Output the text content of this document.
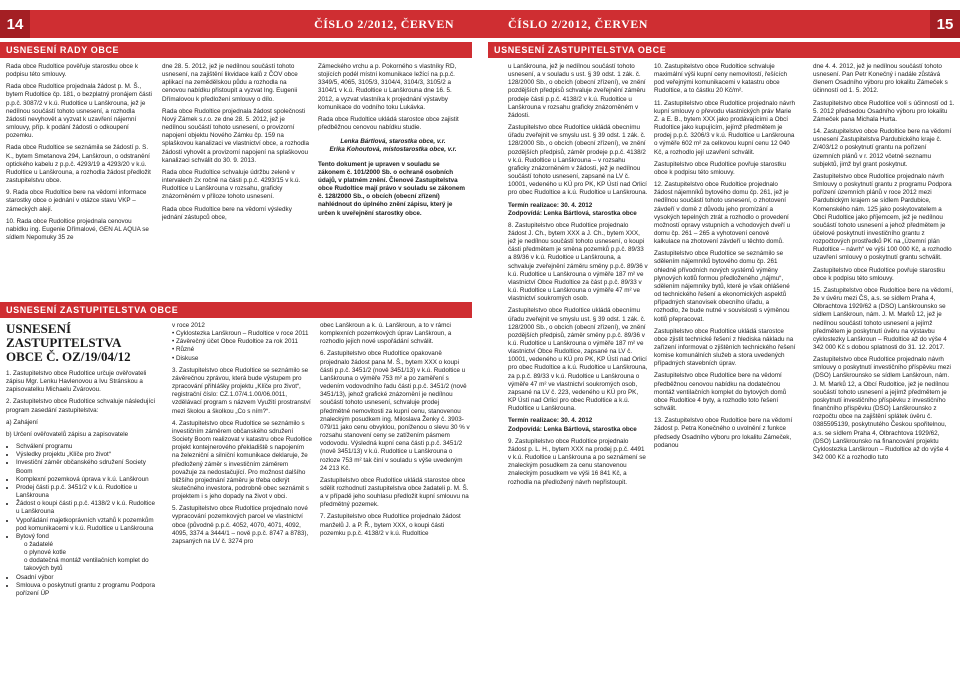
14	ČÍSLO 2/2012, ČERVEN	ČÍSLO 2/2012, ČERVEN	15
USNESENÍ RADY OBCE	USNESENÍ ZASTUPITELSTVA OBCE
USNESENÍ ZASTUPITELSTVA OBCE

Rada obce Rudoltice pověřuje starostku obce k podpisu této smlouvy.

Rada obce Rudoltice projednala žádost p. M. Š., bytem Rudoltice čp. 181, o bezplatný pronájem části p.p.č. 3087/2 v k.ú. Rudoltice u Lanškrouna, jež je nedílnou součástí tohoto usnesení, a rozhodla žádosti nevyhovět a vyzvat k uzavření nájemní smlouvy, příp. k podání žádosti o odkoupení pozemku.

Rada obce Rudoltice se seznámila se žádostí p. S. K., bytem Smetanova 294, Lanškroun, o odstranění optického kabelu z p.p.č. 4293/19 a 4293/20 v k.ú. Rudoltice u Lanškrouna, a rozhodla žádost předložit zastupitelstvu obce.

9. Rada obce Rudoltice bere na vědomí informace starostky obce o jednání v otázce stavu VKP – zámeckých alejí.

10. Rada obce Rudoltice projednala cenovou nabídku ing. Eugenie Dřímalové, GEN AL AQUA se sídlem Nepomuky 35 ze

dne 28. 5. 2012, jež je nedílnou součástí tohoto usnesení, na zajištění likvidace kalů z ČOV obce aplikací na zemědělskou půdu a rozhodla na cenovou nabídku přistoupit a vyzvat Ing. Eugenii Dřímalovou k předložení smlouvy o dílo.

Rada obce Rudoltice projednala žádost společnosti Nový Zámek s.r.o. ze dne 28. 5. 2012, jež je nedílnou součástí tohoto usnesení, o provizorní napojení objektu Nového Zámku čp. 159 na splaškovou kanalizaci ve vlastnictví obce, a rozhodla žádosti vyhovět a provizorní napojení na splaškovou kanalizaci schválit do 30. 9. 2013.

Rada obce Rudoltice schvaluje údržbu zeleně v intervalech 2x ročně na části p.p.č. 4293/15 v k.ú. Rudoltice u Lanškrouna v rozsahu, graficky znázorněném v příloze tohoto usnesení.

Rada obce Rudoltice bere na vědomí výsledky jednání zástupců obce,

Zámeckého vrchu a p. Pokorného s vlastníky RD, stojících podél místní komunikace ležící na p.p.č. 3349/5, 4065, 3105/3, 3104/4, 3104/3, 3105/2 a 3104/1 v k.ú. Rudoltice u Lanškrouna dne 16. 5. 2012, a vyzvat vlastníka k projednání výstavby komunikace do vodního toku Lukávka.

Rada obce Rudoltice ukládá starostce obce zajistit předběžnou cenovou nabídku studie.

Lenka Bártlová, starostka obce, v.r.
Erika Kohoutová, místostarostka obce, v.r.

Tento dokument je upraven v souladu se zákonem č. 101/2000 Sb. o ochraně osobních údajů, v platném znění. Členové Zastupitelstva obce Rudoltice mají právo v souladu se zákonem č. 128/2000 Sb., o obcích (obecní zřízení) nahlédnout do úplného znění zápisu, který je určen k uveřejnění starostky obce.

USNESENÍ ZASTUPITELSTVA OBCE Č. OZ/19/04/12

1. Zastupitelstvo obce Rudoltice určuje ověřovateli zápisu Mgr. Lenku Havlenovou a Ivu Stránskou a zapisovatelku Michaelu Zvárovou.

2. Zastupitelstvo obce Rudoltice schvaluje následující program zasedání zastupitelstva:

a) Zahájení

b) Určení ověřovatelů zápisu a zapisovatele

• Schválení programu
• Výsledky projektu „Klíče pro život“
• Investiční záměr občanského sdružení Society Boom
• Komplexní pozemková úprava v k.ú. Lanškroun
• Prodej části p.p.č. 3451/2 v k.ú. Rudoltice u Lanškrouna
• Žádost o koupi části p.p.č. 4138/2 v k.ú. Rudoltice u Lanškrouna
• Vypořádání majetkoprávních vztahů k pozemkům pod komunikacemi v k.ú. Rudoltice u Lanškrouna
• Bytový fond
o žadatelé
o plynové kotle
o dodatečná montáž ventilačních komplet do takových bytů
• Osadní výbor
• Smlouva o poskytnutí grantu z programu Podpora pořízení ÚP

v roce 2012

• Cyklostezka Lanškroun – Rudoltice v roce 2011

• Závěrečný účet Obce Rudoltice za rok 2011

• Různé

• Diskuse

3. Zastupitelstvo obce Rudoltice se seznámilo se závěrečnou zprávou, která bude výstupem pro zpracování přihlášky projektu „Klíče pro život“, registrační číslo: CZ.1.07/4.1.00/06.0011, vzdělávací program s názvem Využití prostranství mezi školou a školkou „Co s ním?“.

4. Zastupitelstvo obce Rudoltice se seznámilo s investičním záměrem občanského sdružení Society Boom realizovat v katastru obce Rudoltice projekt kontejnerového překladiště s napojením na železniční a silniční komunikace deklaruje, že předložený záměr s investičním záměrem považuje za nedostačující. Pro možnost dalšího bližšího projednání záměru je třeba odkrýt skutečného investora, podrobně obec seznámit s projektem i s jeho dopady na život v obci.

5. Zastupitelstvo obce Rudoltice projednalo nové vypracování pozemkových parcel ve vlastnictví obce (původně p.p.č. 4052, 4070, 4071, 4092, 4095, 3374 a 3444/1 – nově p.p.č. 8747 a 8783), zapsaných na LV č. 3274 pro

obec Lanškroun a k. ú. Lanškroun, a to v rámci komplexních pozemkových úprav Lanškroun, a rozhodlo jejich nové uspořádání schválit.

6. Zastupitelstvo obce Rudoltice opakovaně projednalo žádost pana M. Š., bytem XXX o koupi části p.p.č. 3451/2 (nově 3451/13) v k.ú. Rudoltice u Lanškrouna o výměře 753 m² a po zaměření s vedením vodovodního řadu části p.p.č. 3451/2 (nově 3451/13), jehož grafické znázornění je nedílnou součástí tohoto usnesení, schvaluje prodej předmětné nemovitosti za kupní cenu, stanovenou znaleckým posudkem ing. Miloslava Ženky č. 3903-079/11 jako cenu obvyklou, poníženou o slevu 30 % v rozsahu stanovení ceny se zatížením pásmem vodovodu. Výsledná kupní cena části p.p.č. 3451/2 (nově 3451/13) v k.ú. Rudoltice u Lanškrouna o rozloze 753 m² tak činí v souladu s výše uvedeným 24 213 Kč.

Zastupitelstvo obce Rudoltice ukládá starostce obce sdělit rozhodnutí zastupitelstva obce žadateli p. M. Š. a v případě jeho souhlasu předložit kupní smlouvu na předmětný pozemek.

7. Zastupitelstvo obce Rudoltice projednalo žádost manželů J. a P. Ř., bytem XXX, o koupi části pozemku p.p.č. 4138/2 v k.ú. Rudoltice

u Lanškrouna, jež je nedílnou součástí tohoto usnesení, a v souladu s ust. § 39 odst. 1 zák. č. 128/2000 Sb., o obcích (obecní zřízení), ve znění pozdějších předpisů schvaluje zveřejnění záměru prodeje části p.p.č. 4138/2 v k.ú. Rudoltice u Lanškrouna v rozsahu graficky znázorněném v žádosti.

Zastupitelstvo obce Rudoltice ukládá obecnímu úřadu zveřejnit ve smyslu ust. § 39 odst. 1 zák. č. 128/2000 Sb., o obcích (obecní zřízení), ve znění pozdějších předpisů, záměr prodeje p.p.č. 4138/2 v k.ú. Rudoltice u Lanškrouna – v rozsahu graficky znázorněném v žádosti, jež je nedílnou součástí tohoto usnesení, zapsané na LV č. 10001, vedeného u KÚ pro PK, KP Ústí nad Orlicí pro obec Rudoltice a k.ú. Rudoltice u Lanškrouna.

Termín realizace: 30. 4. 2012

Zodpovídá: Lenka Bártlová, starostka obce

8. Zastupitelstvo obce Rudoltice projednalo žádost J. Ch., bytem XXX a J. Ch., bytem XXX, jež je nedílnou součástí tohoto usnesení, o koupi části předmětem je směna pozemků p.p.č. 89/33 a 89/36 v k.ú. Rudoltice u Lanškrouna, a schvaluje zveřejnění záměru směny p.p.č. 89/36 v k.ú. Rudoltice u Lanškrouna o výměře 187 m² ve vlastnictví Obce Rudoltice za část p.p.č. 89/33 v k.ú. Rudoltice u Lanškrouna o výměře 47 m² ve vlastnictví soukromých osob.

Zastupitelstvo obce Rudoltice ukládá obecnímu úřadu zveřejnit ve smyslu ust. § 39 odst. 1 zák. č. 128/2000 Sb., o obcích (obecní zřízení), ve znění pozdějších předpisů, záměr směny p.p.č. 89/36 v k.ú. Rudoltice u Lanškrouna o výměře 187 m² ve vlastnictví Obce Rudoltice, zapsané na LV č. 10001, vedeného u KÚ pro PK, KP Ústí nad Orlicí pro obec Rudoltice a k.ú. Rudoltice u Lanškrouna, za p.p.č. 89/33 v k.ú. Rudoltice u Lanškrouna o výměře 47 m² ve vlastnictví soukromých osob, zapsané na LV č. 223, vedeného u KÚ pro PK, KP Ústí nad Orlicí pro obec Rudoltice a k.ú. Rudoltice u Lanškrouna.

Termín realizace: 30. 4. 2012

Zodpovídá: Lenka Bártlová, starostka obce

9. Zastupitelstvo obce Rudoltice projednalo žádost p. L. H., bytem XXX na prodej p.p.č. 4491 v k.ú. Rudoltice u Lanškrouna a po seznámení se znaleckým posudkem za cenu stanovenou znaleckým posudkem ve výši 16 841 Kč, a rozhodla na předložený návrh nepřistoupit.

10. Zastupitelstvo obce Rudoltice schvaluje maximální výši kupní ceny nemovitostí, řešících pod veřejnými komunikacemi v katastru obce Rudoltice, a to částku 20 Kč/m².

11. Zastupitelstvo obce Rudoltice projednalo návrh kupní smlouvy o převodu vlastnických práv Marie Z. a E. B., bytem XXX jako prodávajícími a Obcí Rudoltice jako kupujícím, jejímž předmětem je prodej p.p.č. 3206/3 v k.ú. Rudoltice u Lanškrouna o výměře 602 m² za celkovou kupní cenu 12 040 Kč, a rozhodlo její uzavření schválit.

Zastupitelstvo obce Rudoltice povřuje starostku obce k podpisu této smlouvy.

12. Zastupitelstvo obce Rudoltice projednalo žádost nájemníků bytového domu čp. 261, jež je nedílnou součástí tohoto usnesení, o zhotovení závdeří v domě z důvodu jeho promízání a vysokých tepelných ztrát a rozhodlo o provedení možností opravy vstupních a vchodových dveří u domu čp. 261 – 265 a vyhotovení cenové kalkulace na zhotovení závdeří u těchto domů.

Zastupitelstvo obce Rudoltice se seznámilo se sdělením nájemníků bytového domu čp. 261 ohledně přívodních nových systémů výměny plynových kotlů formou předloženého „nájmu“, sdělením nájemníky bytů, které je však ohlášené od technického řešení a ekonomických aspektů případných stanovisek obecního úřadu, a rozhodlo, že bude nutné v souvislosti s výměnou kotlů přepracovat.

Zastupitelstvo obce Rudoltice ukládá starostce obce zjistit technické řešení z hlediska nákladu na zařízení informovat o zjištěních technického řešení komise komunálních služeb a stora uvedených případných stavebních úprav.

Zastupitelstvo obce Rudoltice bere na vědomí předběžnou cenovou nabídku na dodatečnou montáž ventilačních komplet do bytových domů obce Rudoltice 4 byty, a rozhodlo toto řešení schválit.

13. Zastupitelstvo obce Rudoltice bere na vědomí žádost p. Petra Konečného o uvolnění z funkce předsedy Osadního výboru pro lokalitu Zámeček, podanou

dne 4. 4. 2012, jež je nedílnou součástí tohoto usnesení. Pan Petr Konečný i nadále zůstává členem Osadního výboru pro lokalitu Zámeček s účinností od 1. 5. 2012.

Zastupitelstvo obce Rudoltice volí s účinností od 1. 5. 2012 předsedou Osadního výboru pro lokalitu Zámeček pana Michala Hurta.

14. Zastupitelstvo obce Rudoltice bere na vědomí usnesení Zastupitelstva Pardubického kraje č. Z/403/12 o poskytnutí grantu na pořízení územních plánů v r. 2012 včetně seznamu subjektů, jimž byl grant poskytnut.

Zastupitelstvo obce Rudoltice projednalo návrh Smlouvy o poskytnutí grantu z programu Podpora pořízení územních plánů v roce 2012 mezi Pardubickým krajem se sídlem Pardubice, Komenského nám. 125 jako poskytovatelem a Obcí Rudoltice jako příjemcem, jež je nedílnou součástí tohoto usnesení a jehož předmětem je účelové poskytnutí investičního grantu z rozpočtových prostředků PK na „Územní plán Rudoltice – návrh“ ve výši 100 000 Kč, a rozhodlo uzavření smlouvy o poskytnutí grantu schválit.

Zastupitelstvo obce Rudoltice povřuje starostku obce k podpisu této smlouvy.

15. Zastupitelstvo obce Rudoltice bere na vědomí, že v úvěru mezi ČS, a.s. se sídlem Praha 4, Olbrachtova 1929/62 a (DSO) Lanškrounsko se sídlem Lanškroun, nám. J. M. Marků 12, jež je nedílnou součástí tohoto usnesení a jejímž předmětem je poskytnutí úvěru na výstavbu cyklostezky Lanškroun – Rudoltice až do výše 4 342 000 Kč s dobou splatnosti do 31. 12. 2017.

Zastupitelstvo obce Rudoltice projednalo návrh smlouvy o poskytnutí investičního příspěvku mezi (DSO) Lanškrounsko se sídlem Lanškroun, nám. J. M. Marků 12, a Obcí Rudoltice, jež je nedílnou součástí tohoto usnesení a jejímž předmětem je poskytnutí investičního příspěvku z investičního finančního příspěvku (DSO) Lanškrounsko z rozpočtu obce na zajištění splátek úvěru č. 0385595139, poskytnutého Českou spořitelnou, a.s. se sídlem Praha 4, Olbrachtova 1929/62, (DSO) Lanškrounsko na financování projektu Cyklostezka Lanškroun – Rudoltice až do výše 4 342 000 Kč a rozhodlo tuto
